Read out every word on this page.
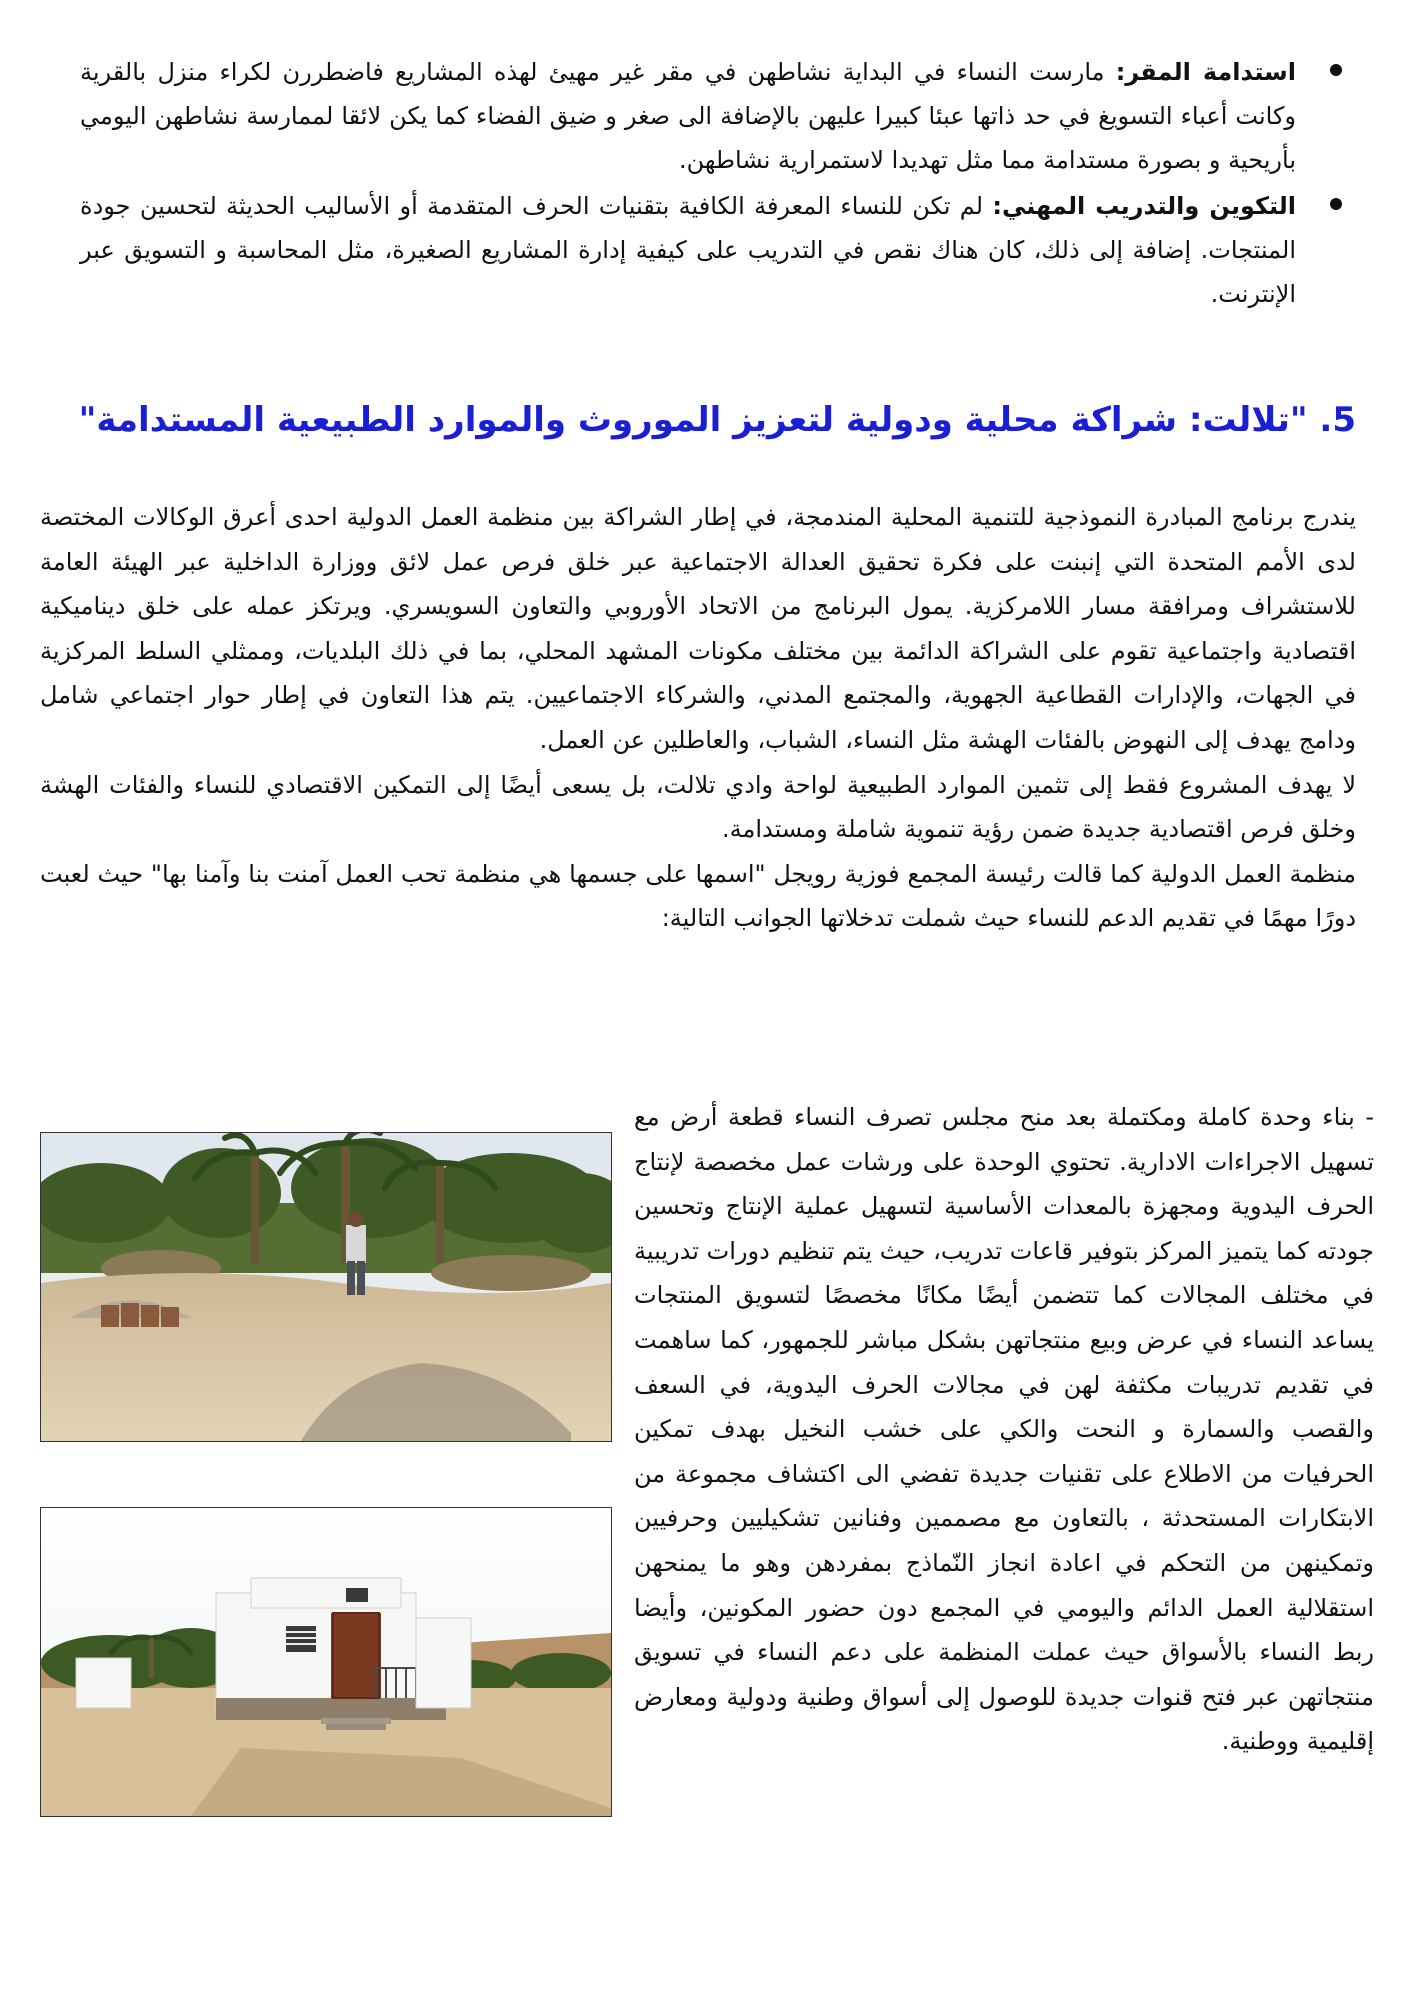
استدامة المقر: مارست النساء في البداية نشاطهن في مقر غير مهيئ لهذه المشاريع فاضطررن لكراء منزل بالقرية وكانت أعباء التسويغ في حد ذاتها عبئا كبيرا عليهن بالإضافة الى صغر و ضيق الفضاء كما يكن لائقا لممارسة نشاطهن اليومي بأريحية و بصورة مستدامة مما مثل تهديدا لاستمرارية نشاطهن.
التكوين والتدريب المهني: لم تكن للنساء المعرفة الكافية بتقنيات الحرف المتقدمة أو الأساليب الحديثة لتحسين جودة المنتجات. إضافة إلى ذلك، كان هناك نقص في التدريب على كيفية إدارة المشاريع الصغيرة، مثل المحاسبة و التسويق عبر الإنترنت.
5. "تلالت: شراكة محلية ودولية لتعزيز الموروث والموارد الطبيعية المستدامة"

يندرج برنامج المبادرة النموذجية للتنمية المحلية المندمجة، في إطار الشراكة بين منظمة العمل الدولية احدى أعرق الوكالات المختصة لدى الأمم المتحدة التي إنبنت على فكرة تحقيق العدالة الاجتماعية عبر خلق فرص عمل لائق ووزارة الداخلية عبر الهيئة العامة للاستشراف ومرافقة مسار اللامركزية. يمول البرنامج من الاتحاد الأوروبي والتعاون السويسري. ويرتكز عمله على خلق ديناميكية اقتصادية واجتماعية تقوم على الشراكة الدائمة بين مختلف مكونات المشهد المحلي، بما في ذلك البلديات، وممثلي السلط المركزية في الجهات، والإدارات القطاعية الجهوية، والمجتمع المدني، والشركاء الاجتماعيين. يتم هذا التعاون في إطار حوار اجتماعي شامل ودامج يهدف إلى النهوض بالفئات الهشة مثل النساء، الشباب، والعاطلين عن العمل.

لا يهدف المشروع فقط إلى تثمين الموارد الطبيعية لواحة وادي تلالت، بل يسعى أيضًا إلى التمكين الاقتصادي للنساء والفئات الهشة وخلق فرص اقتصادية جديدة ضمن رؤية تنموية شاملة ومستدامة.

منظمة العمل الدولية كما قالت رئيسة المجمع فوزية رويجل "اسمها على جسمها هي منظمة تحب العمل آمنت بنا وآمنا بها" حيث لعبت دورًا مهمًا في تقديم الدعم للنساء حيث شملت تدخلاتها الجوانب التالية:

- بناء وحدة كاملة ومكتملة بعد منح مجلس تصرف النساء قطعة أرض مع تسهيل الاجراءات الادارية. تحتوي الوحدة على ورشات عمل مخصصة لإنتاج الحرف اليدوية ومجهزة بالمعدات الأساسية لتسهيل عملية الإنتاج وتحسين جودته كما يتميز المركز بتوفير قاعات تدريب، حيث يتم تنظيم دورات تدريبية في مختلف المجالات كما تتضمن أيضًا مكانًا مخصصًا لتسويق المنتجات يساعد النساء في عرض وبيع منتجاتهن بشكل مباشر للجمهور، كما ساهمت في تقديم تدريبات مكثفة لهن في مجالات الحرف اليدوية، في السعف والقصب والسمارة و النحت والكي على خشب النخيل بهدف تمكين الحرفيات من الاطلاع على تقنيات جديدة تفضي الى اكتشاف مجموعة من الابتكارات المستحدثة ، بالتعاون مع مصممين وفنانين تشكيليين وحرفيين وتمكينهن من التحكم في اعادة انجاز النّماذج بمفردهن وهو ما يمنحهن استقلالية العمل الدائم واليومي في المجمع دون حضور المكونين، وأيضا ربط النساء بالأسواق حيث عملت المنظمة على دعم النساء في تسويق منتجاتهن عبر فتح قنوات جديدة للوصول إلى أسواق وطنية ودولية ومعارض إقليمية ووطنية.
